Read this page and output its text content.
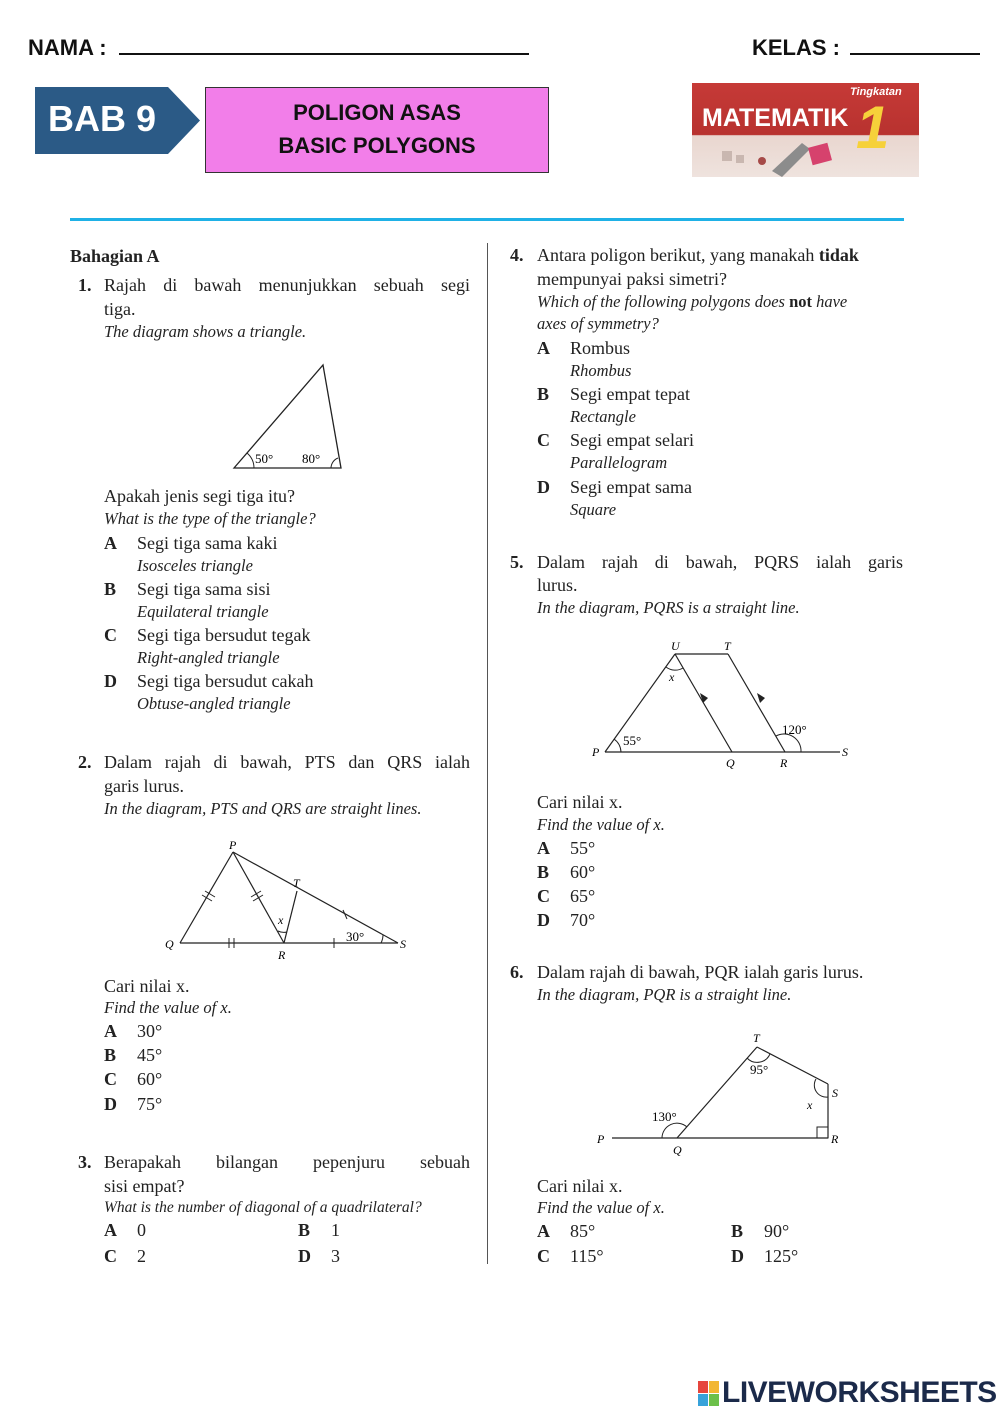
NAMA :	KELAS :
BAB 9	POLIGON ASAS
BASIC POLYGONS
Tingkatan
MATEMATIK 1
Bahagian A
1. Rajah di bawah menunjukkan sebuah segi
tiga.
The diagram shows a triangle.
50° 80°
Apakah jenis segi tiga itu?
What is the type of the triangle?
A Segi tiga sama kaki
Isosceles triangle
B Segi tiga sama sisi
Equilateral triangle
C Segi tiga bersudut tegak
Right-angled triangle
D Segi tiga bersudut cakah
Obtuse-angled triangle
2. Dalam rajah di bawah, PTS dan QRS ialah
garis lurus.
In the diagram, PTS and QRS are straight lines.
P
T
Q
R
S
x
30°
Cari nilai x.
Find the value of x.
A 30°
B 45°
C 60°
D 75°
3. Berapakah bilangan pepenjuru sebuah
sisi empat?
What is the number of diagonal of a quadrilateral?
A 0	B 1
C 2	D 3
4. Antara poligon berikut, yang manakah tidak
mempunyai paksi simetri?
Which of the following polygons does not have
axes of symmetry?
A Rombus
Rhombus
B Segi empat tepat
Rectangle
C Segi empat selari
Parallelogram
D Segi empat sama
Square
5. Dalam rajah di bawah, PQRS ialah garis
lurus.
In the diagram, PQRS is a straight line.
U	T
x
P
Q	R
S
55°
120°
Cari nilai x.
Find the value of x.
A 55°
B 60°
C 65°
D 70°
6. Dalam rajah di bawah, PQR ialah garis lurus.
In the diagram, PQR is a straight line.
T
S
x
P
Q
R
95°
130°
Cari nilai x.
Find the value of x.
A 85°	B 90°
C 115°	D 125°
LIVEWORKSHEETS
